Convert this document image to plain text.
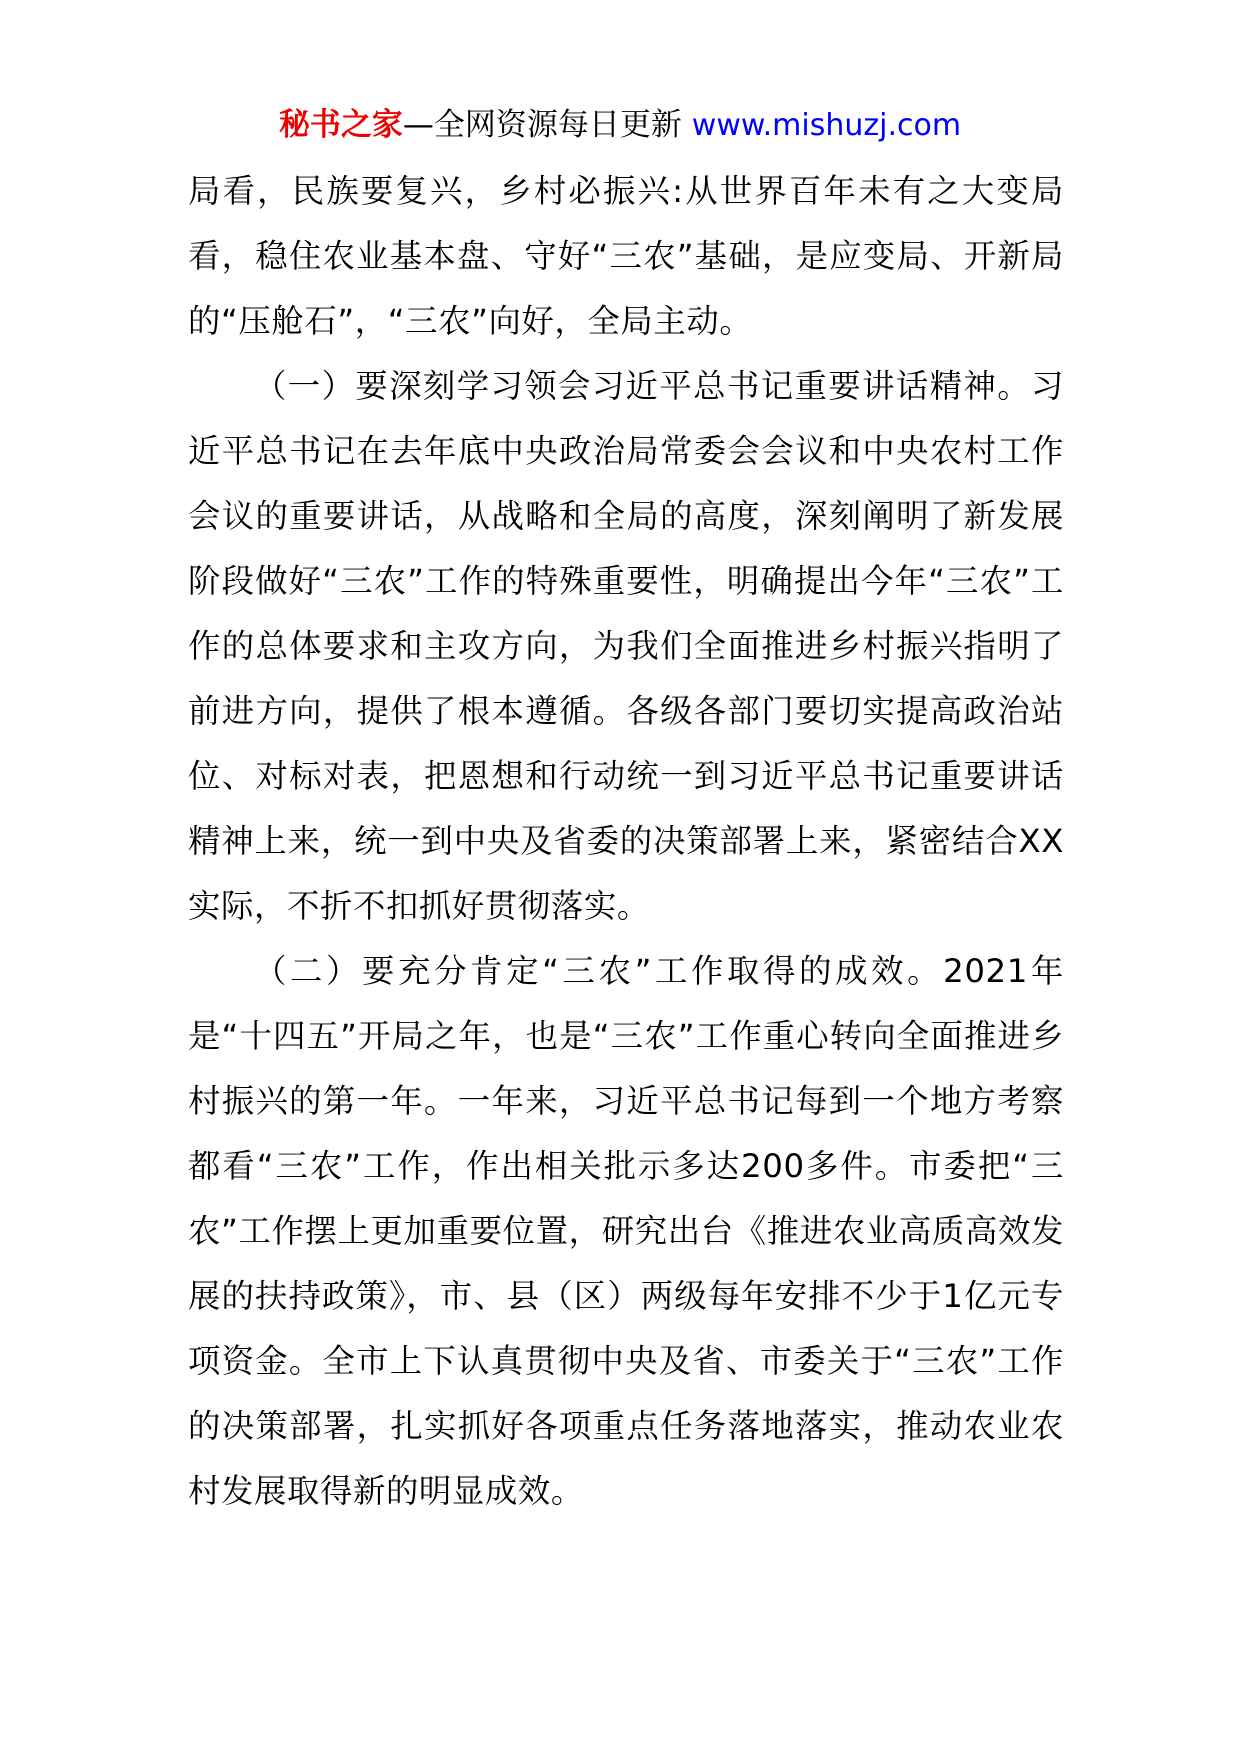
秘书之家—全网资源每日更新 www.mishuzj.com

局看，民族要复兴，乡村必振兴:从世界百年未有之大变局看，稳住农业基本盘、守好“三农”基础，是应变局、开新局的“压舱石”，“三农”向好，全局主动。

（一）要深刻学习领会习近平总书记重要讲话精神。习近平总书记在去年底中央政治局常委会会议和中央农村工作会议的重要讲话，从战略和全局的高度，深刻阐明了新发展阶段做好“三农”工作的特殊重要性，明确提出今年“三农”工作的总体要求和主攻方向，为我们全面推进乡村振兴指明了前进方向，提供了根本遵循。各级各部门要切实提高政治站位、对标对表，把恩想和行动统一到习近平总书记重要讲话精神上来，统一到中央及省委的决策部署上来，紧密结合XX实际，不折不扣抓好贯彻落实。

（二）要充分肯定“三农”工作取得的成效。2021年是“十四五”开局之年，也是“三农”工作重心转向全面推进乡村振兴的第一年。一年来，习近平总书记每到一个地方考察都看“三农”工作，作出相关批示多达200多件。市委把“三农”工作摆上更加重要位置，研究出台《推进农业高质高效发展的扶持政策》，市、县（区）两级每年安排不少于1亿元专项资金。全市上下认真贯彻中央及省、市委关于“三农”工作的决策部署，扎实抓好各项重点任务落地落实，推动农业农村发展取得新的明显成效。
